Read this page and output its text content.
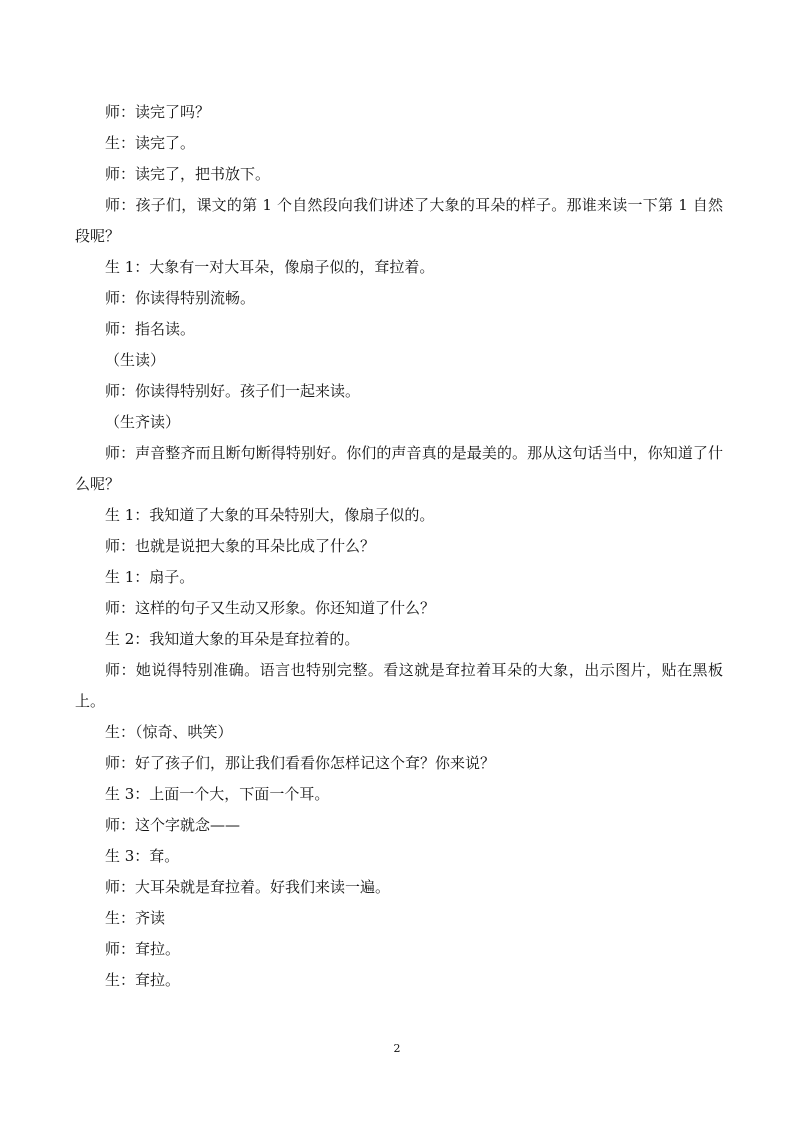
师：读完了吗？

生：读完了。

师：读完了，把书放下。

师：孩子们，课文的第 1 个自然段向我们讲述了大象的耳朵的样子。那谁来读一下第 1 自然段呢？

生 1：大象有一对大耳朵，像扇子似的，耷拉着。

师：你读得特别流畅。

师：指名读。

（生读）

师：你读得特别好。孩子们一起来读。

（生齐读）

师：声音整齐而且断句断得特别好。你们的声音真的是最美的。那从这句话当中，你知道了什么呢？

生 1：我知道了大象的耳朵特别大，像扇子似的。

师：也就是说把大象的耳朵比成了什么？

生 1：扇子。

师：这样的句子又生动又形象。你还知道了什么？

生 2：我知道大象的耳朵是耷拉着的。

师：她说得特别准确。语言也特别完整。看这就是耷拉着耳朵的大象，出示图片，贴在黑板上。

生：（惊奇、哄笑）

师：好了孩子们，那让我们看看你怎样记这个耷？你来说？

生 3：上面一个大，下面一个耳。

师：这个字就念——

生 3：耷。

师：大耳朵就是耷拉着。好我们来读一遍。

生：齐读

师：耷拉。

生：耷拉。

2
